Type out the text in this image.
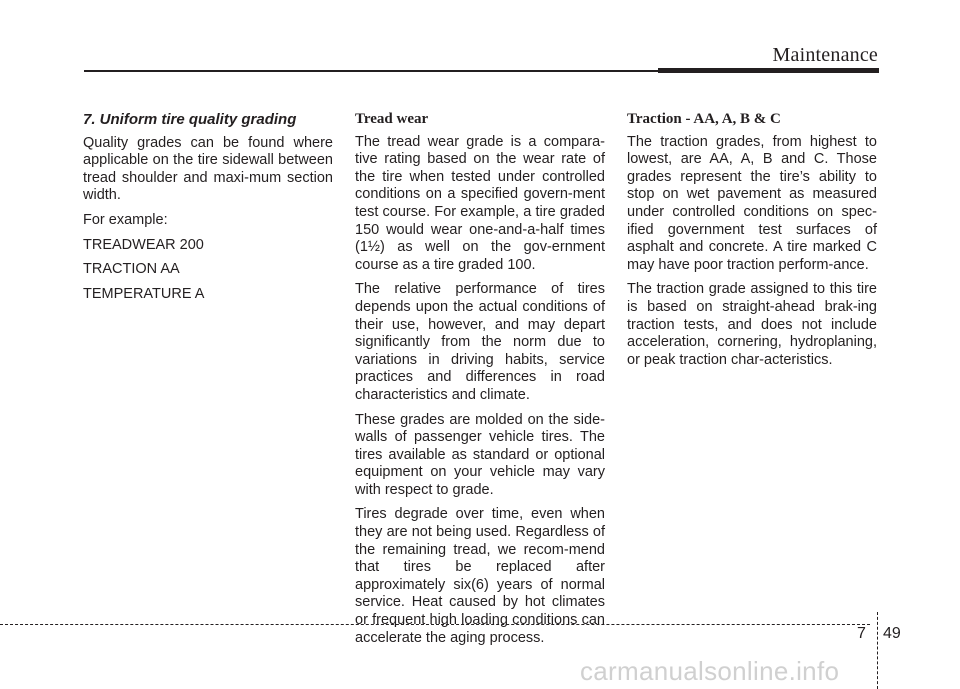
Maintenance
7. Uniform tire quality grading

Quality grades can be found where applicable on the tire sidewall between tread shoulder and maxi-mum section width.

For example:

TREADWEAR 200

TRACTION AA

TEMPERATURE A

Tread wear

The tread wear grade is a compara-tive rating based on the wear rate of the tire when tested under controlled conditions on a specified govern-ment test course. For example, a tire graded 150 would wear one-and-a-half times (1½) as well on the gov-ernment course as a tire graded 100.

The relative performance of tires depends upon the actual conditions of their use, however, and may depart significantly from the norm due to variations in driving habits, service practices and differences in road characteristics and climate.

These grades are molded on the side-walls of passenger vehicle tires. The tires available as standard or optional equipment on your vehicle may vary with respect to grade.

Tires degrade over time, even when they are not being used. Regardless of the remaining tread, we recom-mend that tires be replaced after approximately six(6) years of normal service. Heat caused by hot climates or frequent high loading conditions can accelerate the aging process.

Traction - AA, A, B & C

The traction grades, from highest to lowest, are AA, A, B and C. Those grades represent the tire’s ability to stop on wet pavement as measured under controlled conditions on spec-ified government test surfaces of asphalt and concrete. A tire marked C may have poor traction perform-ance.

The traction grade assigned to this tire is based on straight-ahead brak-ing traction tests, and does not include acceleration, cornering, hydroplaning, or peak traction char-acteristics.

7 49
carmanualsonline.info
